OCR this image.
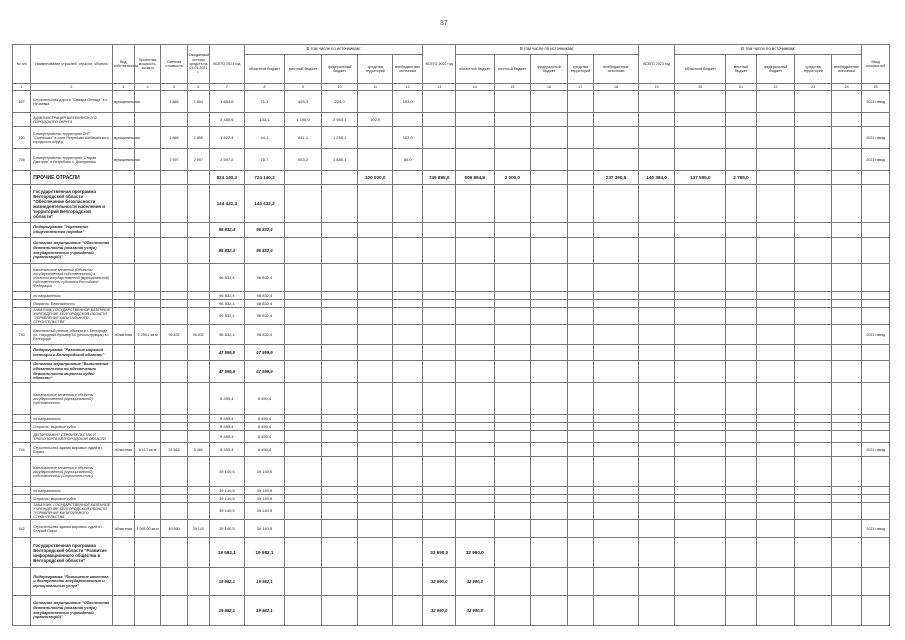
37
№ п/п	Наименование отраслей, отрасли, объекта	Вид собственности	Проектная мощность, км.кв.м	Сметная стоимость	Ожидаемый остаток средств на 01.01.2021 г.	ВСЕГО 2021 год	В том числе по источникам:					ВСЕГО 2022 год	В том числе по источникам:					ВСЕГО 2023 год	В том числе по источникам:					Ввод мощностей
							областной бюджет	местный бюджет	федеральный бюджет	средства территорий	внебюджетные источники		областной бюджет	местный бюджет	федеральный бюджет	средства территорий	внебюджетные источники		областной бюджет	местный бюджет	федеральный бюджет	средства территорий	внебюджетные источники	
1	2	3	4	5	6	7	8	9	10	11	12	13	14	15	16	17	18	19	20	21	22	23	24	25
697	Строительство дороги "Самара-Огнища" в с. Нечаевка	муниципальная		1 865	1 854	1 854,6	71,1	455,3	225,0		193,0													2021 г.ввод
	АДМИНИСТРАЦИЯ ШЕБЕКИНСКОГО ГОРОДСКОГО ОКРУГА					4 455,6	133,1	1 196,0	2 984,1	102,0														
700	Благоустройство территории СНТ "Солнышко" в селе Ястребово Шебекинского городского округа	муниципальная		1 865	1 855	1 822,4	44,1	441,1	1 255,1		103,0													2021 г.ввод
706	Благоустройство территории "Старая Дмитрия" в Ястребово с. Дмитриевка	муниципальная		2 597	2 597	2 597,2	78,7	553,2	1 885,1		80,0													2021 г.ввод
	ПРОЧИЕ ОТРАСЛИ					824 140,3	724 140,3			100 000,0		749 895,0	509 894,8	2 000,0			237 390,5	140 384,0	137 595,0	2 785,0				
	Государственная программа Белгородской области "Обеспечение безопасности жизнедеятельности населения и территорий Белгородской области"					144 432,3	144 432,3																	
	Подпрограмма "Укрепление общественного порядка"					96 832,4	96 832,4																	
	Основное мероприятие "Обеспечение деятельности (оказание услуг) государственных учреждений (организаций)"					96 832,4	96 832,4																	
	Капитальные вложения (Объекты государственной собственности) в объекты государственной (муниципальной) собственности субъекта Российской Федерации					96 832,4	96 832,4																	
	по направлению					96 832,4	96 832,4																	
	Отрасль: Безопасность					96 832,4	96 832,4																	
	ЗАКАЗЧИК: ГОСУДАРСТВЕННОЕ КАЗЕННОЕ УЧРЕЖДЕНИЕ БЕЛГОРОДСКОЙ ОБЛАСТИ "УПРАВЛЕНИЕ КАПИТАЛЬНОГО СТРОИТЕЛЬСТВА"					96 832,4	96 832,4																	
740	Капитальный ремонт объекта в г. Белгороде, ул. Народный бульвар 54 (реконструкция) в г. Белгороде	областная	5 258,1 кв.м	96 832	96 832	96 832,4	96 832,4																	2021 г.ввод
	Подпрограмма "Развитие мировой юстиции в Белгородской области"					47 599,9	47 599,9																	
	Основное мероприятие "Выполнение обязательств по обеспечению деятельности мировых судей области"					47 599,9	47 599,9																	
	Капитальные вложения в объекты государственной (муниципальной) собственности					8 459,4	8 459,4																	
	по направлению					8 459,4	8 459,4																	
	Отрасль: мировые судьи					8 459,4	8 459,4																	
	ДЕПАРТАМЕНТ СТРОИТЕЛЬСТВА И ТРАНСПОРТА БЕЛГОРОДСКОЙ ОБЛАСТИ					8 459,4	8 459,4																	
744	Строительство здания мировых судей в г. Бирюч	областная	614,7 кв.м	24 583	5 460	8 459,4	8 459,4																	2021 г.ввод
	Капитальные вложения в объекты государственной (муниципальной) собственности (Строительство)					39 140,5	39 140,5																	
	по направлению					39 140,5	39 140,5																	
	Отрасль: мировые судьи					39 140,5	39 140,5																	
	ЗАКАЗЧИК: ГОСУДАРСТВЕННОЕ КАЗЕННОЕ УЧРЕЖДЕНИЕ БЕЛГОРОДСКОЙ ОБЛАСТИ "УПРАВЛЕНИЕ КАПИТАЛЬНОГО СТРОИТЕЛЬСТВА"					39 140,5	39 140,5																	
642	Строительство здания мировых судей в г. Старый Оскол	областная	1 065,00 кв.м	49 660	39 140	39 140,5	39 140,5																	2021 г.ввод
	Государственная программа Белгородской области "Развитие информационного общества в Белгородской области"					19 582,1	19 582,1					32 990,0	32 990,0											
	Подпрограмма "Повышение качества и доступности государственных и муниципальных услуг"					19 582,1	19 582,1					32 990,0	32 990,0											
	Основное мероприятие "Обеспечение деятельности (оказание услуг) государственных учреждений (организаций)"					19 582,1	19 582,1					32 990,0	32 990,0											
